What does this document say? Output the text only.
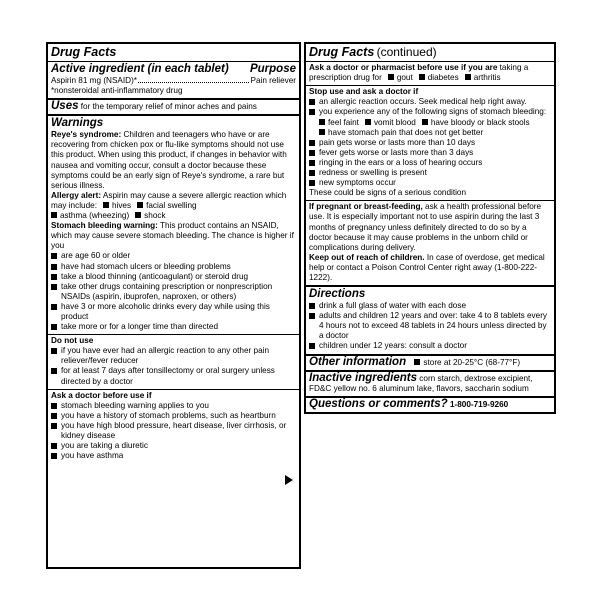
Drug Facts
Active ingredient (in each tablet) Purpose
Aspirin 81 mg (NSAID)*	Pain reliever
*nonsteroidal anti-inflammatory drug
Uses for the temporary relief of minor aches and pains
Warnings
Reye's syndrome: Children and teenagers who have or are recovering from chicken pox or flu-like symptoms should not use this product. When using this product, if changes in behavior with nausea and vomiting occur, consult a doctor because these symptoms could be an early sign of Reye's syndrome, a rare but serious illness.
Allergy alert: Aspirin may cause a severe allergic reaction which may include: hives facial swelling
asthma (wheezing) shock
Stomach bleeding warning: This product contains an NSAID, which may cause severe stomach bleeding. The chance is higher if you
are age 60 or older
have had stomach ulcers or bleeding problems
take a blood thinning (anticoagulant) or steroid drug
take other drugs containing prescription or nonprescription NSAIDs (aspirin, ibuprofen, naproxen, or others)
have 3 or more alcoholic drinks every day while using this product
take more or for a longer time than directed
Do not use
if you have ever had an allergic reaction to any other pain reliever/fever reducer
for at least 7 days after tonsillectomy or oral surgery unless directed by a doctor
Ask a doctor before use if
stomach bleeding warning applies to you
you have a history of stomach problems, such as heartburn
you have high blood pressure, heart disease, liver cirrhosis, or kidney disease
you are taking a diuretic
you have asthma
Drug Facts (continued)
Ask a doctor or pharmacist before use if you are taking a prescription drug for gout diabetes arthritis
Stop use and ask a doctor if
an allergic reaction occurs. Seek medical help right away.
you experience any of the following signs of stomach bleeding:
feel faint vomit blood have bloody or black stools
have stomach pain that does not get better
pain gets worse or lasts more than 10 days
fever gets worse or lasts more than 3 days
ringing in the ears or a loss of hearing occurs
redness or swelling is present
new symptoms occur
These could be signs of a serious condition
If pregnant or breast-feeding, ask a health professional before use. It is especially important not to use aspirin during the last 3 months of pregnancy unless definitely directed to do so by a doctor because it may cause problems in the unborn child or complications during delivery.
Keep out of reach of children. In case of overdose, get medical help or contact a Poison Control Center right away (1-800-222-1222).
Directions
drink a full glass of water with each dose
adults and children 12 years and over: take 4 to 8 tablets every 4 hours not to exceed 48 tablets in 24 hours unless directed by a doctor
children under 12 years: consult a doctor
Other information store at 20-25°C (68-77°F)
Inactive ingredients corn starch, dextrose excipient, FD&C yellow no. 6 aluminum lake, flavors, saccharin sodium
Questions or comments? 1-800-719-9260
